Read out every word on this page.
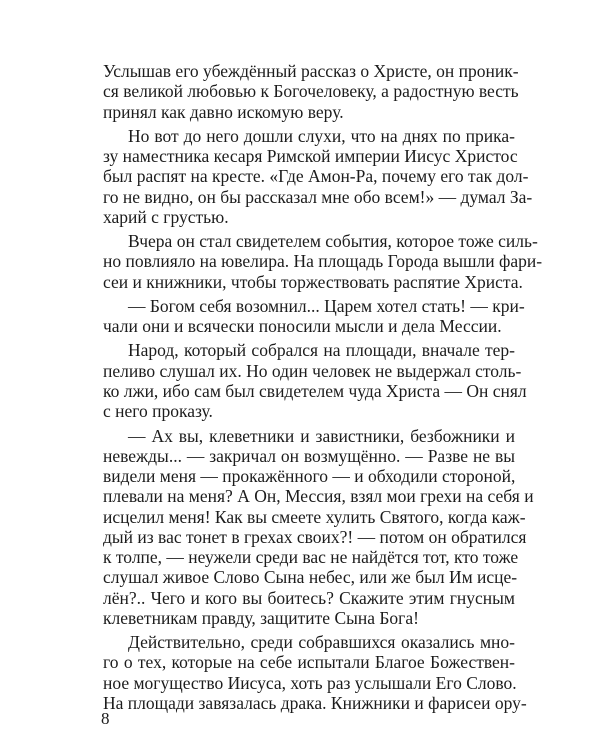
Услышав его убеждённый рассказ о Христе, он проник-
ся великой любовью к Богочеловеку, а радостную весть
принял как давно искомую веру.
Но вот до него дошли слухи, что на днях по прика-
зу наместника кесаря Римской империи Иисус Христос
был распят на кресте. «Где Амон-Ра, почему его так дол-
го не видно, он бы рассказал мне обо всем!» — думал За-
харий с грустью.
Вчера он стал свидетелем события, которое тоже силь-
но повлияло на ювелира. На площадь Города вышли фари-
сеи и книжники, чтобы торжествовать распятие Христа.
— Богом себя возомнил... Царем хотел стать! — кри-
чали они и всячески поносили мысли и дела Мессии.
Народ, который собрался на площади, вначале тер-
пеливо слушал их. Но один человек не выдержал столь-
ко лжи, ибо сам был свидетелем чуда Христа — Он снял
с него проказу.
— Ах вы, клеветники и завистники, безбожники и
невежды... — закричал он возмущённо. — Разве не вы
видели меня — прокажённого — и обходили стороной,
плевали на меня? А Он, Мессия, взял мои грехи на себя и
исцелил меня! Как вы смеете хулить Святого, когда каж-
дый из вас тонет в грехах своих?! — потом он обратился
к толпе, — неужели среди вас не найдётся тот, кто тоже
слушал живое Слово Сына небес, или же был Им исце-
лён?.. Чего и кого вы боитесь? Скажите этим гнусным
клеветникам правду, защитите Сына Бога!
Действительно, среди собравшихся оказались мно-
го о тех, которые на себе испытали Благое Божествен-
ное могущество Иисуса, хоть раз услышали Его Слово.
На площади завязалась драка. Книжники и фарисеи ору-
8
